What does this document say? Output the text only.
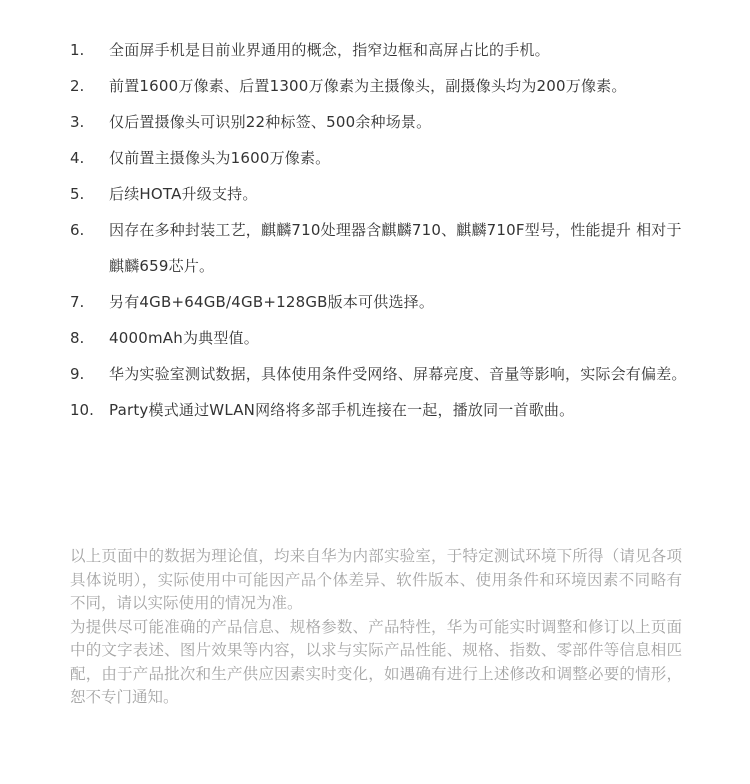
1.	全面屏手机是目前业界通用的概念，指窄边框和高屏占比的手机。
2.	前置1600万像素、后置1300万像素为主摄像头，副摄像头均为200万像素。
3.	仅后置摄像头可识别22种标签、500余种场景。
4.	仅前置主摄像头为1600万像素。
5.	后续HOTA升级支持。
6.	因存在多种封装工艺，麒麟710处理器含麒麟710、麒麟710F型号，性能提升 相对于麒麟659芯片。
7.	另有4GB+64GB/4GB+128GB版本可供选择。
8.	4000mAh为典型值。
9.	华为实验室测试数据，具体使用条件受网络、屏幕亮度、音量等影响，实际会有偏差。
10.	Party模式通过WLAN网络将多部手机连接在一起，播放同一首歌曲。

以上页面中的数据为理论值，均来自华为内部实验室，于特定测试环境下所得（请见各项具体说明），实际使用中可能因产品个体差异、软件版本、使用条件和环境因素不同略有不同，请以实际使用的情况为准。

为提供尽可能准确的产品信息、规格参数、产品特性，华为可能实时调整和修订以上页面中的文字表述、图片效果等内容，以求与实际产品性能、规格、指数、零部件等信息相匹配，由于产品批次和生产供应因素实时变化，如遇确有进行上述修改和调整必要的情形，恕不专门通知。
